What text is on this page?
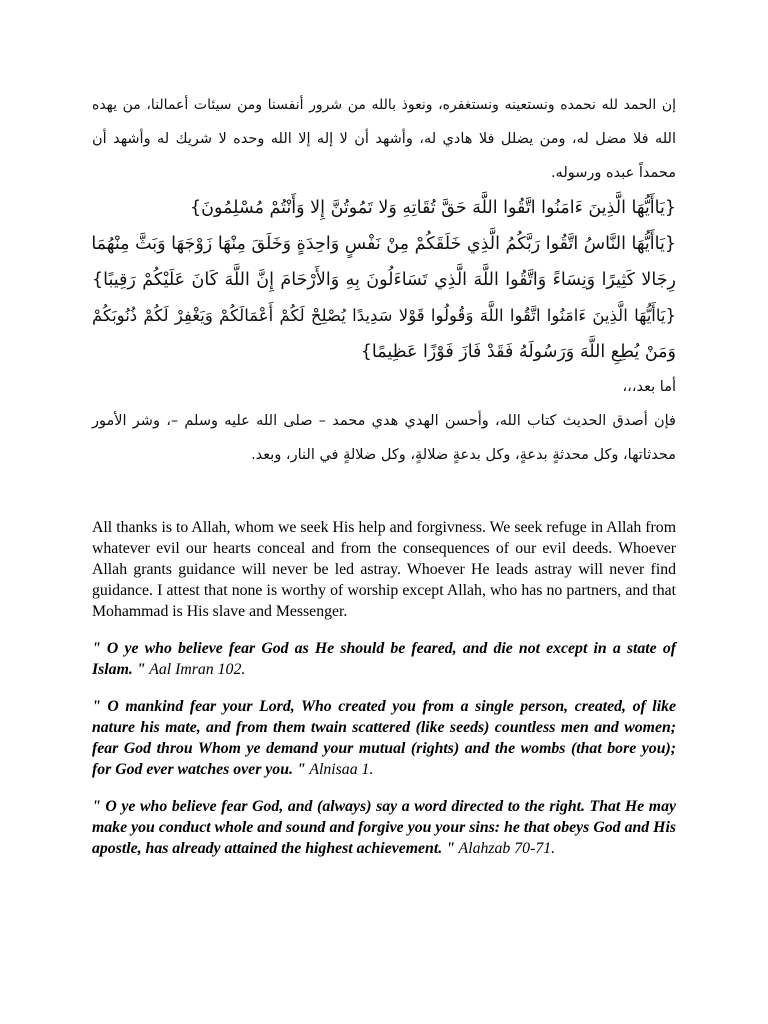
إن الحمد لله نحمده ونستعينه ونستغفره، ونعوذ بالله من شرور أنفسنا ومن سيئات أعمالنا، من يهده
الله فلا مضل له، ومن يضلل فلا هادي له، وأشهد أن لا إله إلا الله وحده لا شريك له وأشهد أن
محمداً عبده ورسوله.
{يَاأَيُّهَا الَّذِينَ ءَامَنُوا اتَّقُوا اللَّهَ حَقَّ تُقَاتِهِ وَلا تَمُوتُنَّ إِلا وَأَنْتُمْ مُسْلِمُونَ}
{يَاأَيُّهَا النَّاسُ اتَّقُوا رَبَّكُمُ الَّذِي خَلَقَكُمْ مِنْ نَفْسٍ وَاحِدَةٍ وَخَلَقَ مِنْهَا زَوْجَهَا وَبَثَّ مِنْهُمَا
رِجَالا كَثِيرًا وَنِسَاءً وَاتَّقُوا اللَّهَ الَّذِي تَسَاءَلُونَ بِهِ وَالأَرْحَامَ إِنَّ اللَّهَ كَانَ عَلَيْكُمْ رَقِيبًا}
{يَاأَيُّهَا الَّذِينَ ءَامَنُوا اتَّقُوا اللَّهَ وَقُولُوا قَوْلا سَدِيدًا يُصْلِحْ لَكُمْ أَعْمَالَكُمْ وَيَغْفِرْ لَكُمْ ذُنُوبَكُمْ
وَمَنْ يُطِعِ اللَّهَ وَرَسُولَهُ فَقَدْ فَازَ فَوْزًا عَظِيمًا}
أما بعد،،،
فإن أصدق الحديث كتاب الله، وأحسن الهدي هدي محمد – صلى الله عليه وسلم –، وشر الأمور
محدثاتها، وكل محدثةٍ بدعةٍ، وكل بدعةٍ ضلالةٍ، وكل ضلالةٍ في النار، وبعد.

All thanks is to Allah, whom we seek His help and forgivness. We seek refuge in Allah from whatever evil our hearts conceal and from the consequences of our evil deeds. Whoever Allah grants guidance will never be led astray. Whoever He leads astray will never find guidance. I attest that none is worthy of worship except Allah, who has no partners, and that Mohammad is His slave and Messenger.

" O ye who believe fear God as He should be feared, and die not except in a state of Islam. " Aal Imran 102.

" O mankind fear your Lord, Who created you from a single person, created, of like nature his mate, and from them twain scattered (like seeds) countless men and women; fear God throu Whom ye demand your mutual (rights) and the wombs (that bore you); for God ever watches over you. " Alnisaa 1.

" O ye who believe fear God, and (always) say a word directed to the right. That He may make you conduct whole and sound and forgive you your sins: he that obeys God and His apostle, has already attained the highest achievement. " Alahzab 70-71.
